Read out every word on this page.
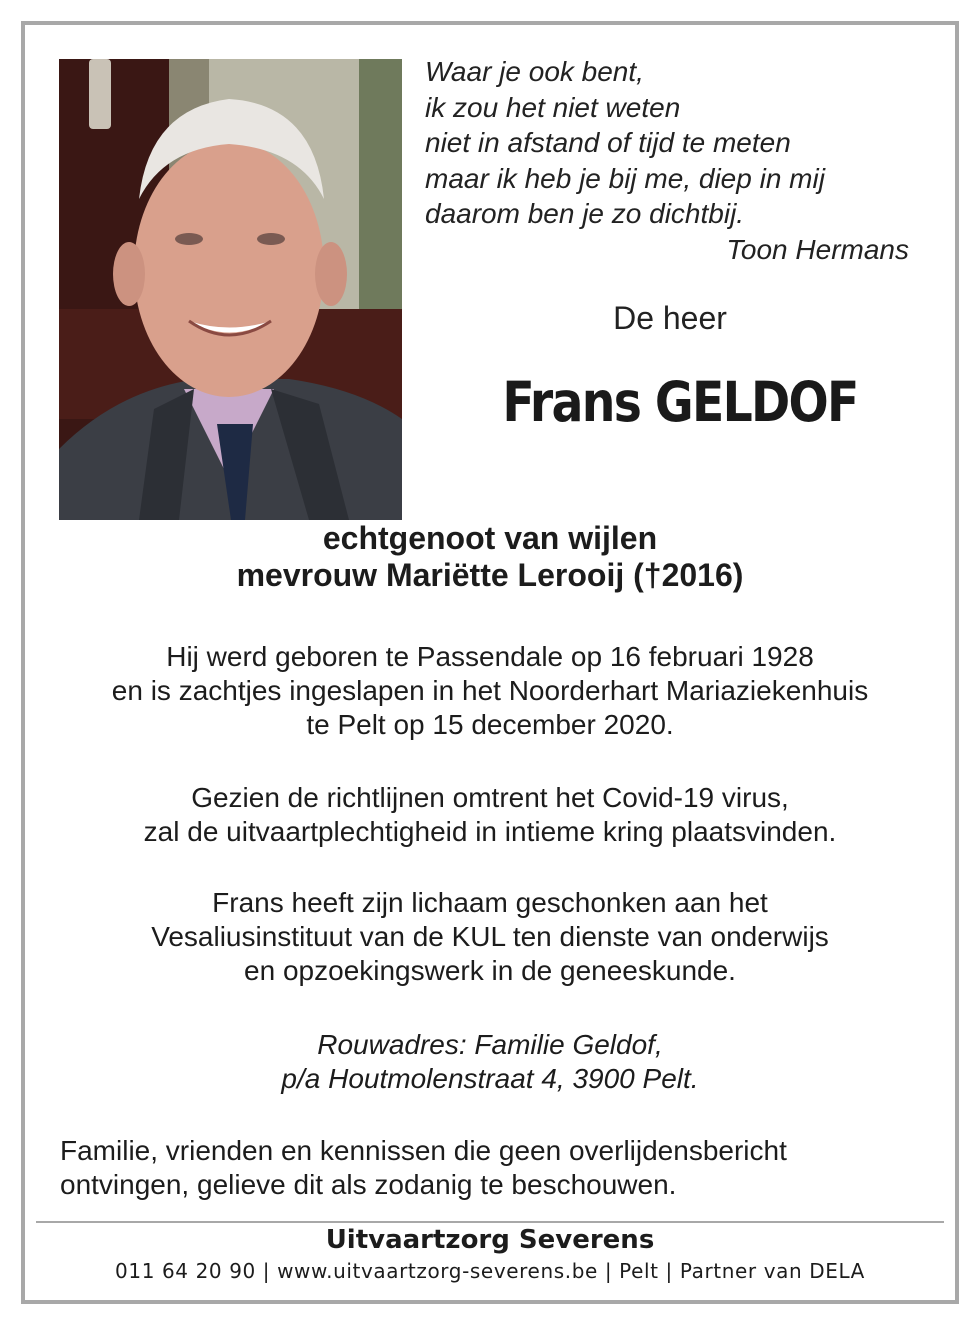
Waar je ook bent,
ik zou het niet weten
niet in afstand of tijd te meten
maar ik heb je bij me, diep in mij
daarom ben je zo dichtbij.
Toon Hermans
De heer
Frans GELDOF
echtgenoot van wijlen
mevrouw Mariëtte Lerooij (†2016)

Hij werd geboren te Passendale op 16 februari 1928

en is zachtjes ingeslapen in het Noorderhart Mariaziekenhuis

te Pelt op 15 december 2020.

Gezien de richtlijnen omtrent het Covid-19 virus,

zal de uitvaartplechtigheid in intieme kring plaatsvinden.

Frans heeft zijn lichaam geschonken aan het

Vesaliusinstituut van de KUL ten dienste van onderwijs

en opzoekingswerk in de geneeskunde.

Rouwadres: Familie Geldof,

p/a Houtmolenstraat 4, 3900 Pelt.

Familie, vrienden en kennissen die geen overlijdensbericht

ontvingen, gelieve dit als zodanig te beschouwen.

Uitvaartzorg Severens
011 64 20 90 | www.uitvaartzorg-severens.be | Pelt | Partner van DELA
